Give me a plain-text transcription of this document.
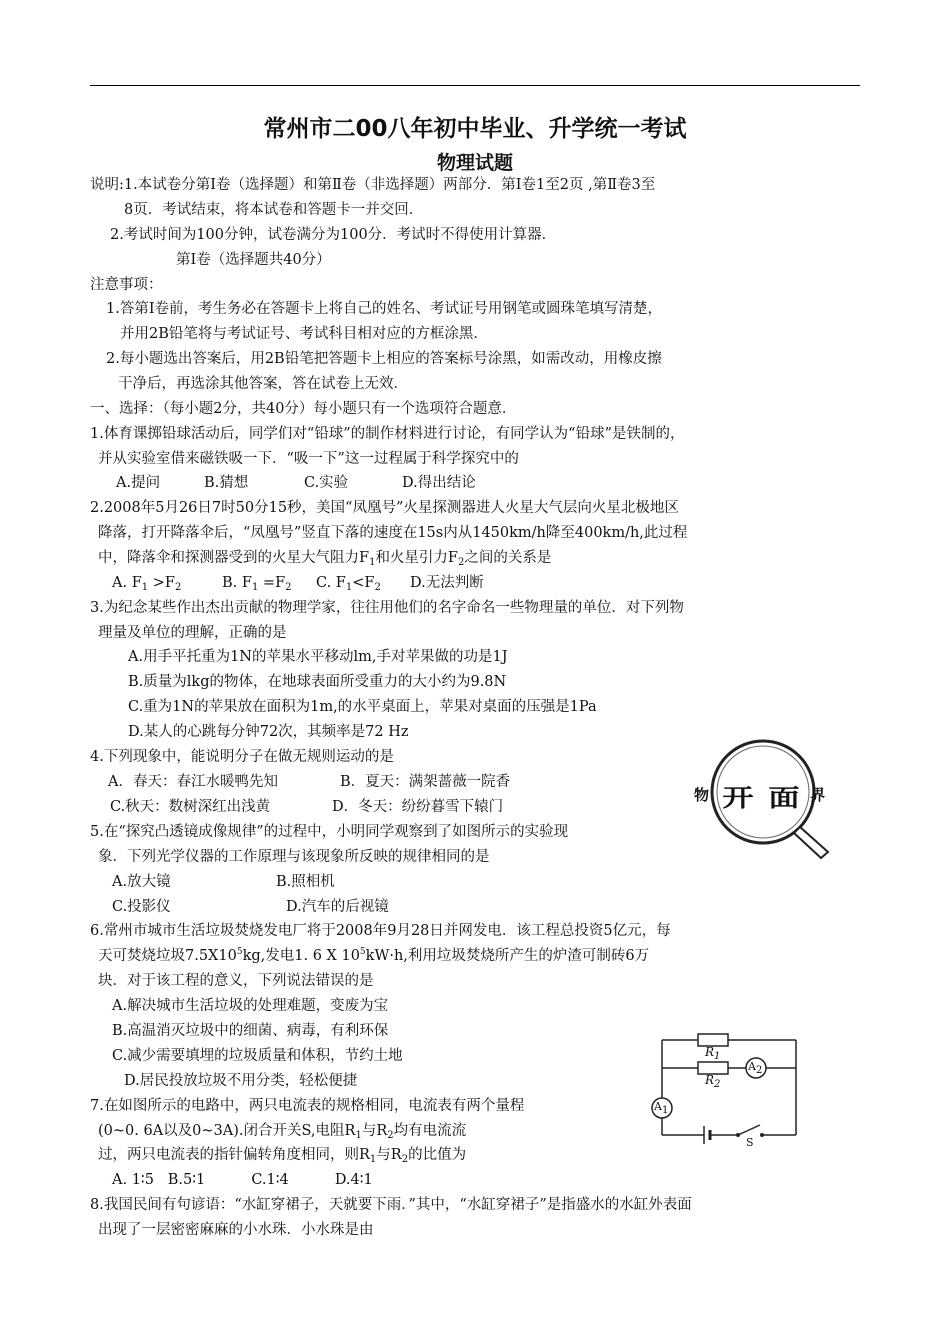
常州市二00八年初中毕业、升学统一考试
物理试题
说明:1.本试卷分第Ⅰ卷（选择题）和第Ⅱ卷（非选择题）两部分．第Ⅰ卷1至2页 ,第Ⅱ卷3至
8页．考试结束，将本试卷和答题卡一并交回．
2.考试时间为100分钟，试卷满分为100分．考试时不得使用计算器．
第Ⅰ卷（选择题共40分）
注意事项：
1.答第Ⅰ卷前，考生务必在答题卡上将自己的姓名、考试证号用钢笔或圆珠笔填写清楚，
并用2B铅笔将与考试证号、考试科目相对应的方框涂黑．
2.每小题选出答案后，用2B铅笔把答题卡上相应的答案标号涂黑，如需改动，用橡皮擦
干净后，再选涂其他答案，答在试卷上无效．
一、选择：（每小题2分，共40分）每小题只有一个选项符合题意．
1.体育课掷铅球活动后，同学们对“铅球”的制作材料进行讨论，有同学认为“铅球”是铁制的，
并从实验室借来磁铁吸一下．“吸一下”这一过程属于科学探究中的
A.提问	B.猜想	C.实验	D.得出结论
2.2008年5月26日7时50分15秒，美国“凤凰号”火星探测器进人火星大气层向火星北极地区
降落，打开降落伞后，“凤凰号”竖直下落的速度在15s内从1450km/h降至400km/h,此过程
中，降落伞和探测器受到的火星大气阻力$F_1$和火星引力$F_2$之间的关系是
A. $F_1 >F_2$	B. $F_1 =F_2$ C. $F_1<F_2$ D.无法判断
3.为纪念某些作出杰出贡献的物理学家，往往用他们的名字命名一些物理量的单位．对下列物
理量及单位的理解，正确的是
A.用手平托重为1N的苹果水平移动lm,手对苹果做的功是1J
B.质量为lkg的物体，在地球表面所受重力的大小约为9.8N
C.重为1N的苹果放在面积为1m,的水平桌面上，苹果对桌面的压强是1Pa
D.某人的心跳每分钟72次，其频率是72 Hz
4.下列现象中，能说明分子在做无规则运动的是
A．春天：春江水暖鸭先知	B．夏天：满架蔷薇一院香
C.秋天：数树深红出浅黄	D．冬天：纷纷暮雪下辕门
物 开 面 界
5.在“探究凸透镜成像规律”的过程中，小明同学观察到了如图所示的实验现
象．下列光学仪器的工作原理与该现象所反映的规律相同的是
A.放大镜	B.照相机
C.投影仪	D.汽车的后视镜
6.常州市城市生活垃圾焚烧发电厂将于2008年9月28日并网发电．该工程总投资5亿元，每
天可焚烧垃圾$7.5X10^5kg$,发电1. 6 X $10^5kW\cdot h$,利用垃圾焚烧所产生的炉渣可制砖6万
块．对于该工程的意义，下列说法错误的是
A.解决城市生活垃圾的处理难题，变废为宝
B.高温消灭垃圾中的细菌、病毒，有利环保
C.减少需要填埋的垃圾质量和体积，节约土地
D.居民投放垃圾不用分类，轻松便捷
$R_1$
$R_2$
$A_2$
$A_1$
S
7.在如图所示的电路中，两只电流表的规格相同，电流表有两个量程
(0~0. 6A以及0~3A).闭合开关S,电阻$R_1$与$R_2$均有电流流
过，两只电流表的指针偏转角度相同，则$R_1$与$R_2$的比值为
A. 1∶5   B.5∶1          C.1∶4          D.4∶1
8.我国民间有句谚语：“水缸穿裙子，天就要下雨．”其中，“水缸穿裙子”是指盛水的水缸外表面
出现了一层密密麻麻的小水珠．小水珠是由
